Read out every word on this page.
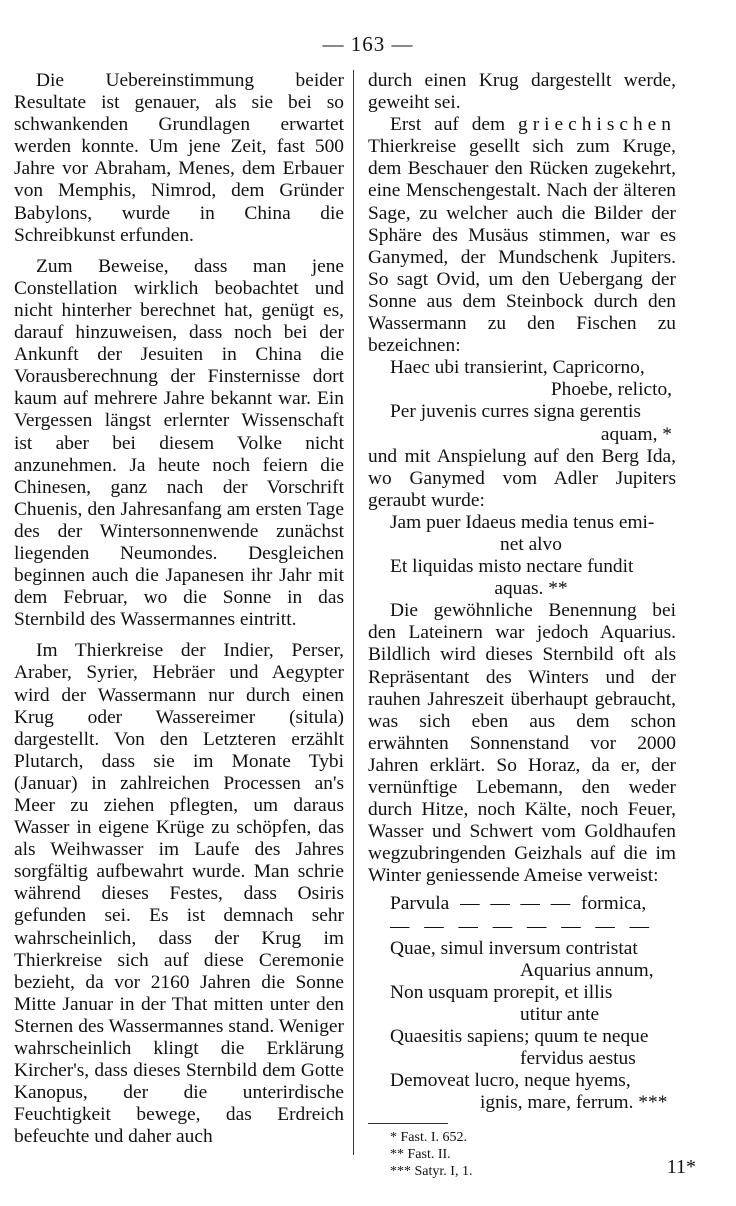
— 163 —

Die Uebereinstimmung beider Resultate ist genauer, als sie bei so schwankenden Grundlagen erwartet werden konnte. Um jene Zeit, fast 500 Jahre vor Abraham, Menes, dem Erbauer von Memphis, Nimrod, dem Gründer Babylons, wurde in China die Schreibkunst erfunden.

Zum Beweise, dass man jene Constellation wirklich beobachtet und nicht hinterher berechnet hat, genügt es, darauf hinzuweisen, dass noch bei der Ankunft der Jesuiten in China die Vorausberechnung der Finsternisse dort kaum auf mehrere Jahre bekannt war. Ein Vergessen längst erlernter Wissenschaft ist aber bei diesem Volke nicht anzunehmen. Ja heute noch feiern die Chinesen, ganz nach der Vorschrift Chuenis, den Jahresanfang am ersten Tage des der Wintersonnenwende zunächst liegenden Neumondes. Desgleichen beginnen auch die Japanesen ihr Jahr mit dem Februar, wo die Sonne in das Sternbild des Wassermannes eintritt.

Im Thierkreise der Indier, Perser, Araber, Syrier, Hebräer und Aegypter wird der Wassermann nur durch einen Krug oder Wassereimer (situla) dargestellt. Von den Letzteren erzählt Plutarch, dass sie im Monate Tybi (Januar) in zahlreichen Processen an's Meer zu ziehen pflegten, um daraus Wasser in eigene Krüge zu schöpfen, das als Weihwasser im Laufe des Jahres sorgfältig aufbewahrt wurde. Man schrie während dieses Festes, dass Osiris gefunden sei. Es ist demnach sehr wahrscheinlich, dass der Krug im Thierkreise sich auf diese Ceremonie bezieht, da vor 2160 Jahren die Sonne Mitte Januar in der That mitten unter den Sternen des Wassermannes stand. Weniger wahrscheinlich klingt die Erklärung Kircher's, dass dieses Sternbild dem Gotte Kanopus, der die unterirdische Feuchtigkeit bewege, das Erdreich befeuchte und daher auch

durch einen Krug dargestellt werde, geweiht sei.

Erst auf dem griechischen Thierkreise gesellt sich zum Kruge, dem Beschauer den Rücken zugekehrt, eine Menschengestalt. Nach der älteren Sage, zu welcher auch die Bilder der Sphäre des Musäus stimmen, war es Ganymed, der Mundschenk Jupiters. So sagt Ovid, um den Uebergang der Sonne aus dem Steinbock durch den Wassermann zu den Fischen zu bezeichnen:

Haec ubi transierint, Capricorno,
Phoebe, relicto,
Per juvenis curres signa gerentis
aquam, *

und mit Anspielung auf den Berg Ida, wo Ganymed vom Adler Jupiters geraubt wurde:

Jam puer Idaeus media tenus emi-
net alvo
Et liquidas misto nectare fundit
aquas. **

Die gewöhnliche Benennung bei den Lateinern war jedoch Aquarius. Bildlich wird dieses Sternbild oft als Repräsentant des Winters und der rauhen Jahreszeit überhaupt gebraucht, was sich eben aus dem schon erwähnten Sonnenstand vor 2000 Jahren erklärt. So Horaz, da er, der vernünftige Lebemann, den weder durch Hitze, noch Kälte, noch Feuer, Wasser und Schwert vom Goldhaufen wegzubringenden Geizhals auf die im Winter geniessende Ameise verweist:

Parvula — — — — formica,
— — — — — — — —
Quae, simul inversum contristat
Aquarius annum,
Non usquam prorepit, et illis
utitur ante
Quaesitis sapiens; quum te neque
fervidus aestus
Demoveat lucro, neque hyems,
ignis, mare, ferrum. ***
* Fast. I. 652.
** Fast. II.
*** Satyr. I, 1.	11*
